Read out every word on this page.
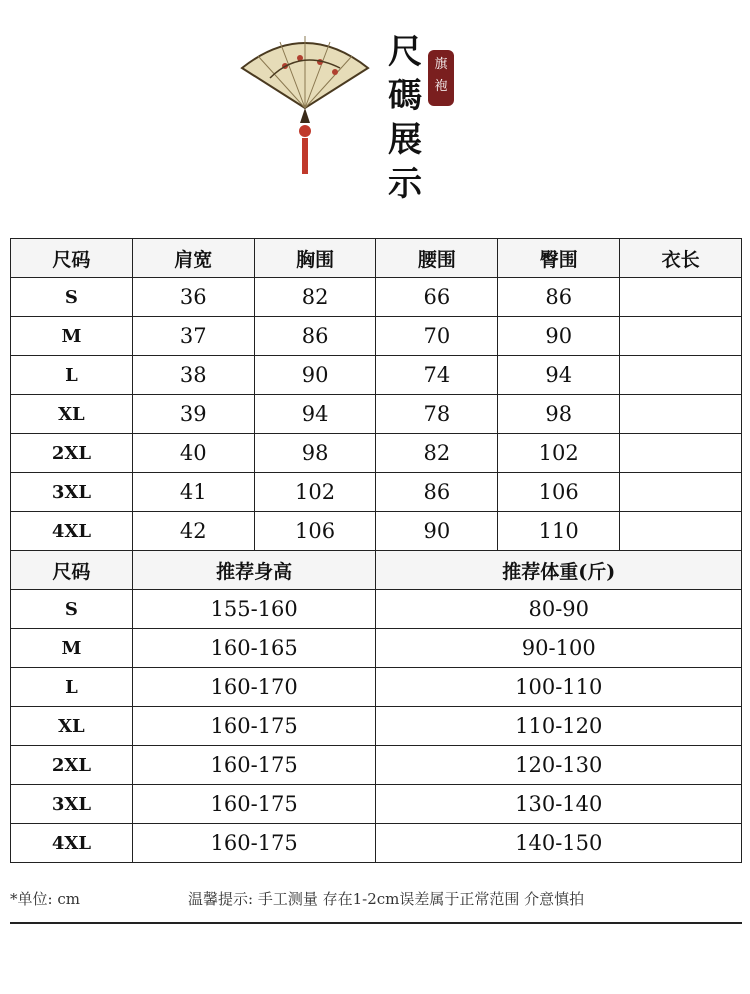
尺
碼
展
示
旗
袍
尺码	肩宽	胸围	腰围	臀围	衣长
S	36	82	66	86	
M	37	86	70	90	
L	38	90	74	94	
XL	39	94	78	98	
2XL	40	98	82	102	
3XL	41	102	86	106	
4XL	42	106	90	110	
尺码	推荐身高		推荐体重(斤)		
S	155-160		80-90		
M	160-165		90-100		
L	160-170		100-110		
XL	160-175		110-120		
2XL	160-175		120-130		
3XL	160-175		130-140		
4XL	160-175		140-150		
*单位: cm	温馨提示: 手工测量 存在1-2cm误差属于正常范围 介意慎拍
